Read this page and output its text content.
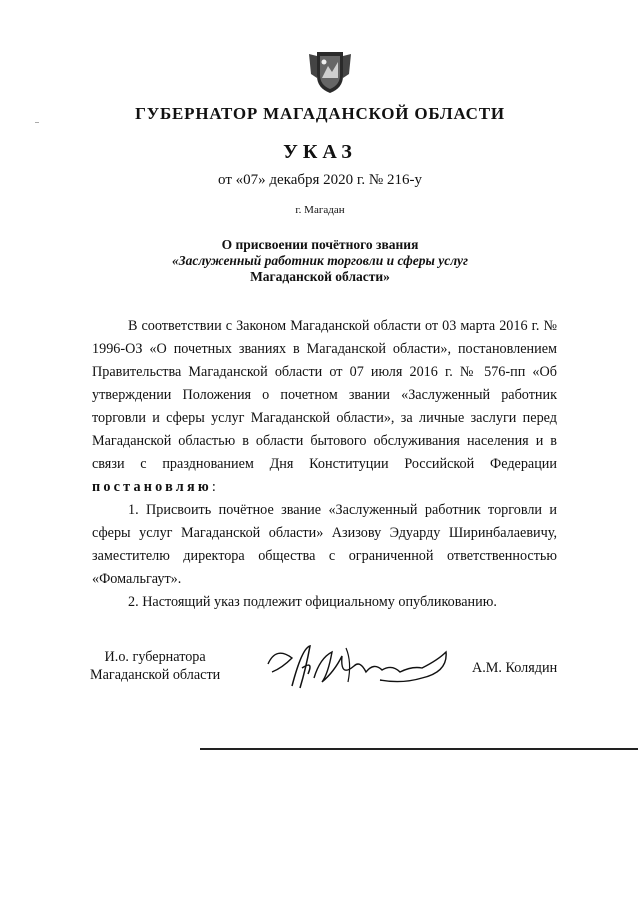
ГУБЕРНАТОР МАГАДАНСКОЙ ОБЛАСТИ
УКАЗ
от «07» декабря 2020 г. № 216-у
г. Магадан
О присвоении почётного звания
«Заслуженный работник торговли и сферы услуг
Магаданской области»

В соответствии с Законом Магаданской области от 03 марта 2016 г. № 1996-ОЗ «О почетных званиях в Магаданской области», постановлением Правительства Магаданской области от 07 июля 2016 г. № 576-пп «Об утверждении Положения о почетном звании «Заслуженный работник торговли и сферы услуг Магаданской области», за личные заслуги перед Магаданской областью в области бытового обслуживания населения и в связи с празднованием Дня Конституции Российской Федерации постановляю:

1. Присвоить почётное звание «Заслуженный работник торговли и сферы услуг Магаданской области» Азизову Эдуарду Ширинбалаевичу, заместителю директора общества с ограниченной ответственностью «Фомальгаут».

2. Настоящий указ подлежит официальному опубликованию.

И.о. губернатора
Магаданской области	А.М. Колядин
